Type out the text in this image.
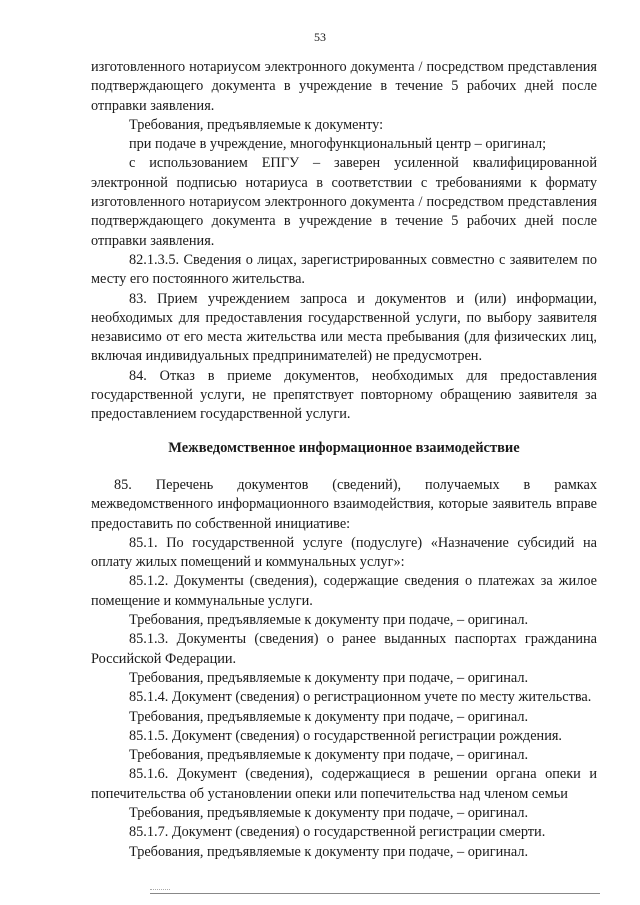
53

изготовленного нотариусом электронного документа / посредством представления подтверждающего документа в учреждение в течение 5 рабочих дней после отправки заявления.

Требования, предъявляемые к документу:

при подаче в учреждение, многофункциональный центр – оригинал;

с использованием ЕПГУ – заверен усиленной квалифицированной электронной подписью нотариуса в соответствии с требованиями к формату изготовленного нотариусом электронного документа / посредством представления подтверждающего документа в учреждение в течение 5 рабочих дней после отправки заявления.

82.1.3.5. Сведения о лицах, зарегистрированных совместно с заявителем по месту его постоянного жительства.

83. Прием учреждением запроса и документов и (или) информации, необходимых для предоставления государственной услуги, по выбору заявителя независимо от его места жительства или места пребывания (для физических лиц, включая индивидуальных предпринимателей) не предусмотрен.

84. Отказ в приеме документов, необходимых для предоставления государственной услуги, не препятствует повторному обращению заявителя за предоставлением государственной услуги.

Межведомственное информационное взаимодействие

85. Перечень документов (сведений), получаемых в рамках межведомственного информационного взаимодействия, которые заявитель вправе предоставить по собственной инициативе:

85.1. По государственной услуге (подуслуге) «Назначение субсидий на оплату жилых помещений и коммунальных услуг»:

85.1.2. Документы (сведения), содержащие сведения о платежах за жилое помещение и коммунальные услуги.

Требования, предъявляемые к документу при подаче, – оригинал.

85.1.3. Документы (сведения) о ранее выданных паспортах гражданина Российской Федерации.

Требования, предъявляемые к документу при подаче, – оригинал.

85.1.4. Документ (сведения) о регистрационном учете по месту жительства.

Требования, предъявляемые к документу при подаче, – оригинал.

85.1.5. Документ (сведения) о государственной регистрации рождения.

Требования, предъявляемые к документу при подаче, – оригинал.

85.1.6. Документ (сведения), содержащиеся в решении органа опеки и попечительства об установлении опеки или попечительства над членом семьи

Требования, предъявляемые к документу при подаче, – оригинал.

85.1.7. Документ (сведения) о государственной регистрации смерти.

Требования, предъявляемые к документу при подаче, – оригинал.
